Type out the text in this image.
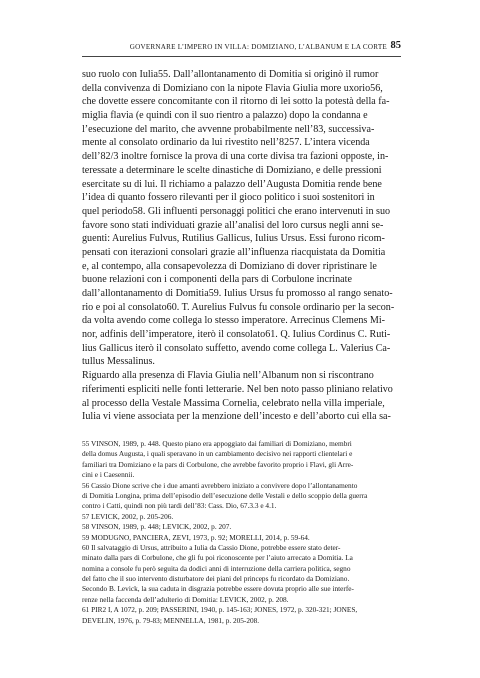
GOVERNARE L’IMPERO IN VILLA: DOMIZIANO, L’ALBANUM E LA CORTE 85
suo ruolo con Iulia55. Dall’allontanamento di Domitia si originò il rumor
della convivenza di Domiziano con la nipote Flavia Giulia more uxorio56,
che dovette essere concomitante con il ritorno di lei sotto la potestà della fa-
miglia flavia (e quindi con il suo rientro a palazzo) dopo la condanna e
l’esecuzione del marito, che avvenne probabilmente nell’83, successiva-
mente al consolato ordinario da lui rivestito nell’8257. L’intera vicenda
dell’82/3 inoltre fornisce la prova di una corte divisa tra fazioni opposte, in-
teressate a determinare le scelte dinastiche di Domiziano, e delle pressioni
esercitate su di lui. Il richiamo a palazzo dell’Augusta Domitia rende bene
l’idea di quanto fossero rilevanti per il gioco politico i suoi sostenitori in
quel periodo58. Gli influenti personaggi politici che erano intervenuti in suo
favore sono stati individuati grazie all’analisi del loro cursus negli anni se-
guenti: Aurelius Fulvus, Rutilius Gallicus, Iulius Ursus. Essi furono ricom-
pensati con iterazioni consolari grazie all’influenza riacquistata da Domitia
e, al contempo, alla consapevolezza di Domiziano di dover ripristinare le
buone relazioni con i componenti della pars di Corbulone incrinate
dall’allontanamento di Domitia59. Iulius Ursus fu promosso al rango senato-
rio e poi al consolato60. T. Aurelius Fulvus fu console ordinario per la secon-
da volta avendo come collega lo stesso imperatore. Arrecinus Clemens Mi-
nor, adfinis dell’imperatore, iterò il consolato61. Q. Iulius Cordinus C. Ruti-
lius Gallicus iterò il consolato suffetto, avendo come collega L. Valerius Ca-
tullus Messalinus.
Riguardo alla presenza di Flavia Giulia nell’Albanum non si riscontrano
riferimenti espliciti nelle fonti letterarie. Nel ben noto passo pliniano relativo
al processo della Vestale Massima Cornelia, celebrato nella villa imperiale,
Iulia vi viene associata per la menzione dell’incesto e dell’aborto cui ella sa-
55 VINSON, 1989, p. 448. Questo piano era appoggiato dai familiari di Domiziano, membri
della domus Augusta, i quali speravano in un cambiamento decisivo nei rapporti clientelari e
familiari tra Domiziano e la pars di Corbulone, che avrebbe favorito proprio i Flavi, gli Arre-
cini e i Caesennii.
56 Cassio Dione scrive che i due amanti avrebbero iniziato a convivere dopo l’allontanamento
di Domitia Longina, prima dell’episodio dell’esecuzione delle Vestali e dello scoppio della guerra
contro i Catti, quindi non più tardi dell’83: Cass. Dio, 67.3.3 e 4.1.
57 LEVICK, 2002, p. 205-206.
58 VINSON, 1989, p. 448; LEVICK, 2002, p. 207.
59 MODUGNO, PANCIERA, ZEVI, 1973, p. 92; MORELLI, 2014, p. 59-64.
60 Il salvataggio di Ursus, attribuito a Iulia da Cassio Dione, potrebbe essere stato deter-
minato dalla pars di Corbulone, che gli fu poi riconoscente per l’aiuto arrecato a Domitia. La
nomina a console fu però seguita da dodici anni di interruzione della carriera politica, segno
del fatto che il suo intervento disturbatore dei piani del princeps fu ricordato da Domiziano.
Secondo B. Levick, la sua caduta in disgrazia potrebbe essere dovuta proprio alle sue interfe-
renze nella faccenda dell’adulterio di Domitia: LEVICK, 2002, p. 208.
61 PIR2 I, A 1072, p. 209; PASSERINI, 1940, p. 145-163; JONES, 1972, p. 320-321; JONES,
DEVELIN, 1976, p. 79-83; MENNELLA, 1981, p. 205-208.
